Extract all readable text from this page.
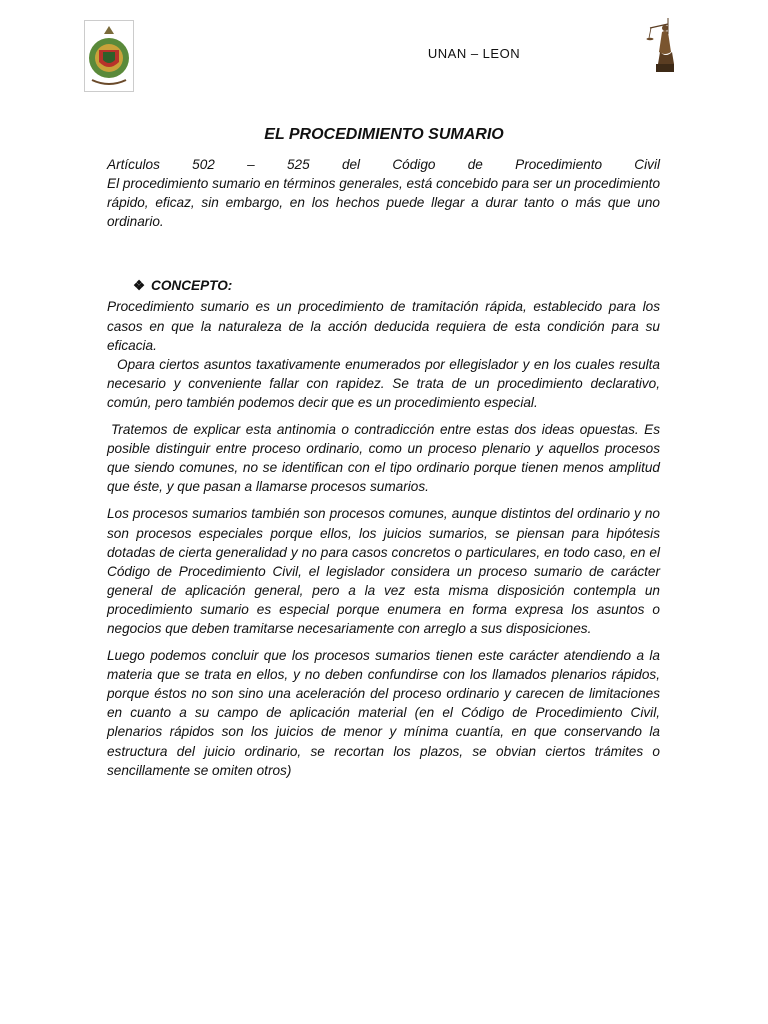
UNAN – LEON
EL PROCEDIMIENTO SUMARIO
Artículos 502 – 525 del Código de Procedimiento Civil

El procedimiento sumario en términos generales, está concebido para ser un procedimiento rápido, eficaz, sin embargo, en los hechos puede llegar a durar tanto o más que uno ordinario.

❖ CONCEPTO:

Procedimiento sumario es un procedimiento de tramitación rápida, establecido para los casos en que la naturaleza de la acción deducida requiera de esta condición para su eficacia.

Opara ciertos asuntos taxativamente enumerados por ellegislador y en los cuales resulta necesario y conveniente fallar con rapidez. Se trata de un procedimiento declarativo, común, pero también podemos decir que es un procedimiento especial.

Tratemos de explicar esta antinomia o contradicción entre estas dos ideas opuestas. Es posible distinguir entre proceso ordinario, como un proceso plenario y aquellos procesos que siendo comunes, no se identifican con el tipo ordinario porque tienen menos amplitud que éste, y que pasan a llamarse procesos sumarios.

Los procesos sumarios también son procesos comunes, aunque distintos del ordinario y no son procesos especiales porque ellos, los juicios sumarios, se piensan para hipótesis dotadas de cierta generalidad y no para casos concretos o particulares, en todo caso, en el Código de Procedimiento Civil, el legislador considera un proceso sumario de carácter general de aplicación general, pero a la vez esta misma disposición contempla un procedimiento sumario es especial porque enumera en forma expresa los asuntos o negocios que deben tramitarse necesariamente con arreglo a sus disposiciones.

Luego podemos concluir que los procesos sumarios tienen este carácter atendiendo a la materia que se trata en ellos, y no deben confundirse con los llamados plenarios rápidos, porque éstos no son sino una aceleración del proceso ordinario y carecen de limitaciones en cuanto a su campo de aplicación material (en el Código de Procedimiento Civil, plenarios rápidos son los juicios de menor y mínima cuantía, en que conservando la estructura del juicio ordinario, se recortan los plazos, se obvian ciertos trámites o sencillamente se omiten otros)
